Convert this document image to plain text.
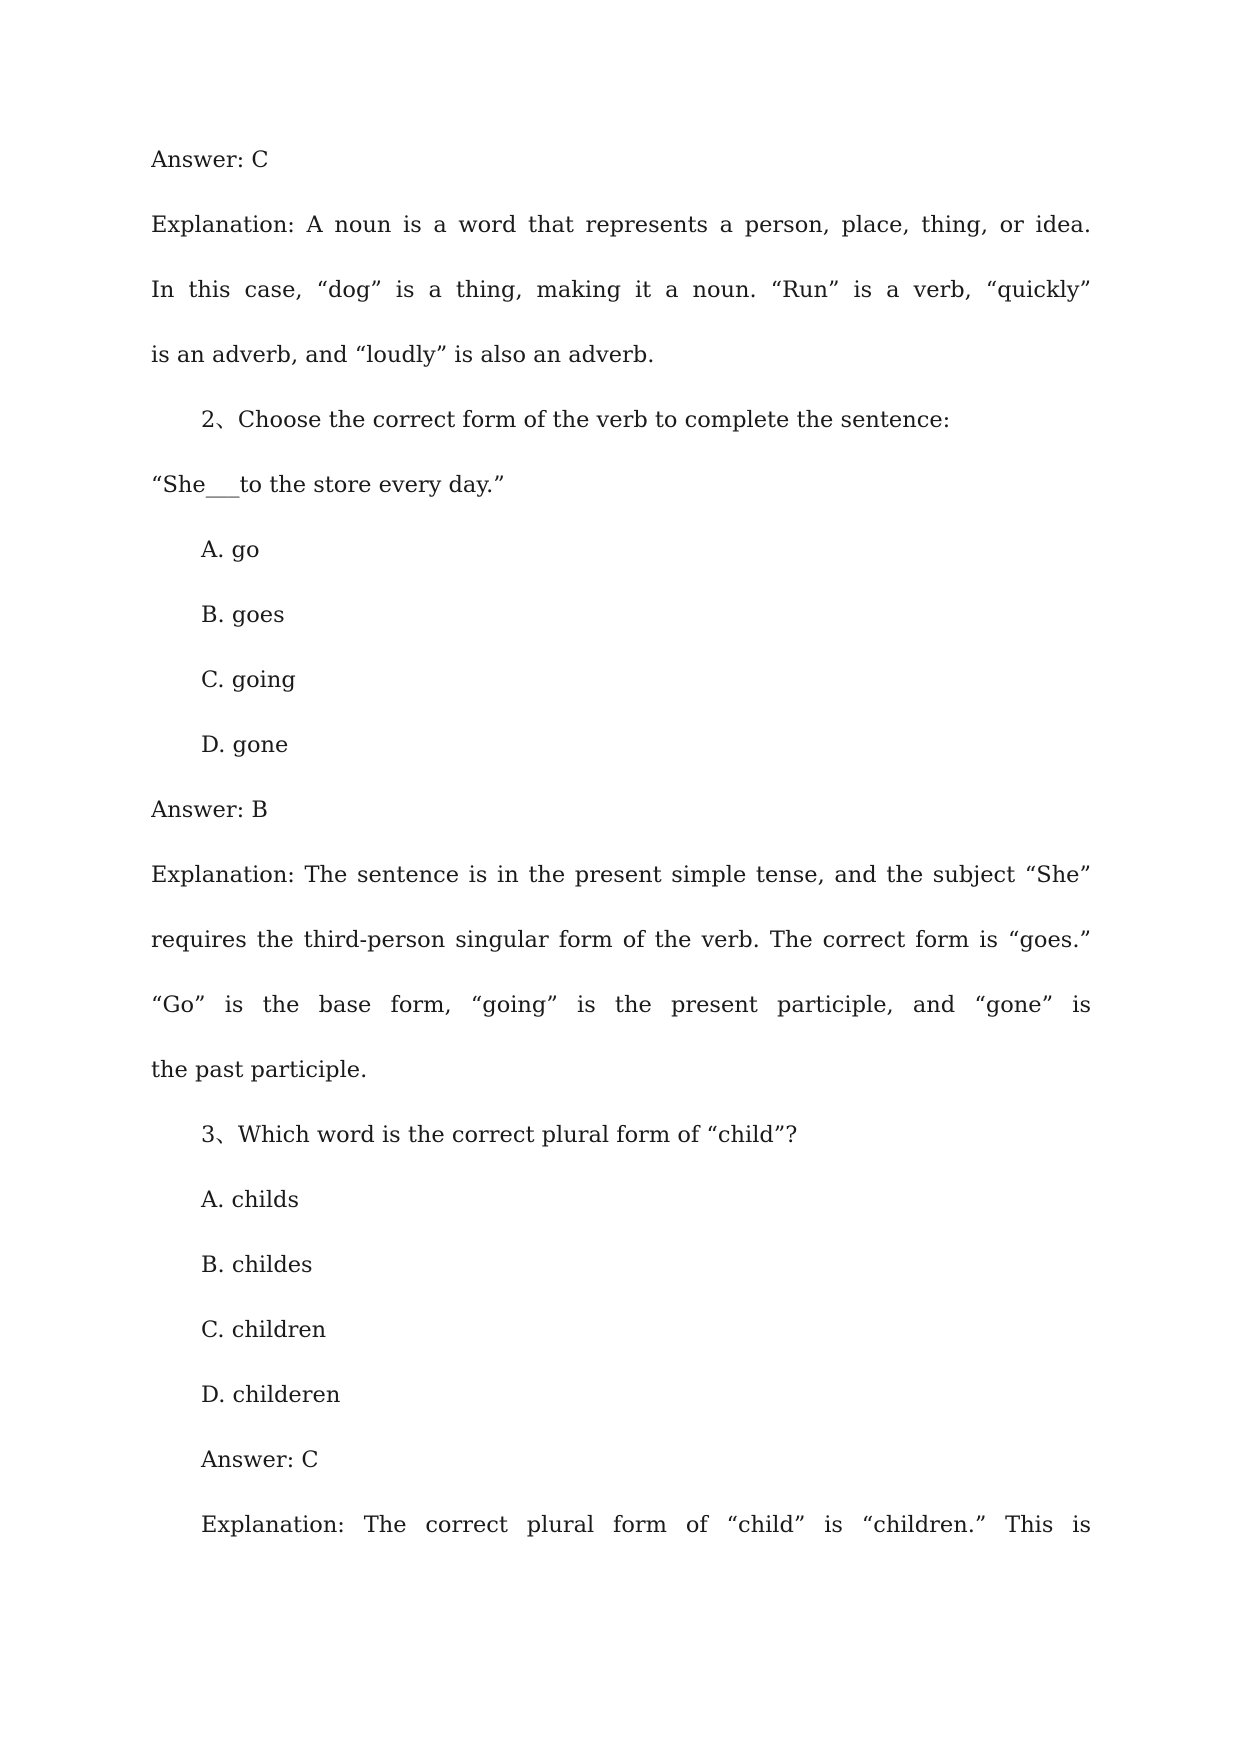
Answer: C
Explanation: A noun is a word that represents a person, place, thing, or idea.
In this case, “dog” is a thing, making it a noun. “Run” is a verb, “quickly”
is an adverb, and “loudly” is also an adverb.
2、Choose the correct form of the verb to complete the sentence:
“She___to the store every day.”
A. go
B. goes
C. going
D. gone
Answer: B
Explanation: The sentence is in the present simple tense, and the subject “She”
requires the third-person singular form of the verb. The correct form is “goes.”
“Go” is the base form, “going” is the present participle, and “gone” is
the past participle.
3、Which word is the correct plural form of “child”?
A. childs
B. childes
C. children
D. childeren
Answer: C
Explanation: The correct plural form of “child” is “children.” This is
